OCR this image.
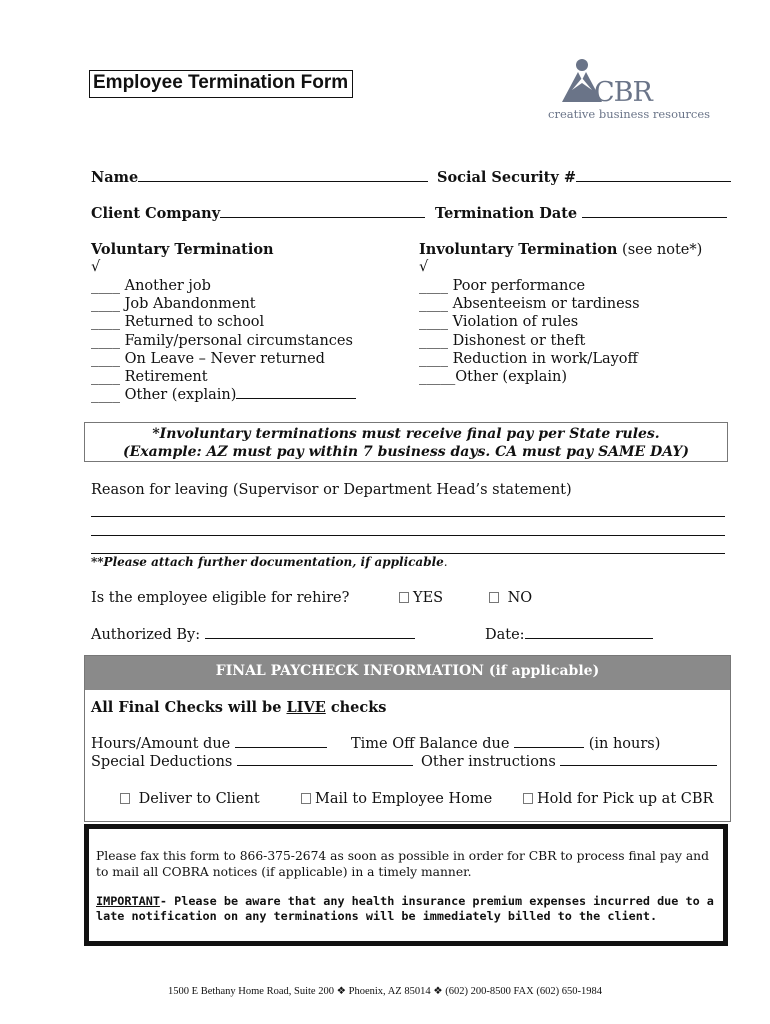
Employee Termination Form	CBR
creative business resources
Name	Social Security #
Client Company	Termination Date
Voluntary Termination
√
____ Another job
____ Job Abandonment
____ Returned to school
____ Family/personal circumstances
____ On Leave – Never returned
____ Retirement
____ Other (explain)
Involuntary Termination (see note*)
√
____ Poor performance
____ Absenteeism or tardiness
____ Violation of rules
____ Dishonest or theft
____ Reduction in work/Layoff
_____Other (explain)
*Involuntary terminations must receive final pay per State rules.
(Example: AZ must pay within 7 business days. CA must pay SAME DAY)
Reason for leaving (Supervisor or Department Head’s statement)
**Please attach further documentation, if applicable.
Is the employee eligible for rehire?	YES	NO
Authorized By:	Date:
FINAL PAYCHECK INFORMATION (if applicable)
All Final Checks will be LIVE checks
Hours/Amount due	Time Off Balance due	(in hours)
Special Deductions	Other instructions
Deliver to Client	Mail to Employee Home	Hold for Pick up at CBR
Please fax this form to 866-375-2674 as soon as possible in order for CBR to process final pay and
to mail all COBRA notices (if applicable) in a timely manner.
IMPORTANT- Please be aware that any health insurance premium expenses incurred due to a
late notification on any terminations will be immediately billed to the client.
1500 E Bethany Home Road, Suite 200 ❖ Phoenix, AZ 85014 ❖ (602) 200-8500 FAX (602) 650-1984
